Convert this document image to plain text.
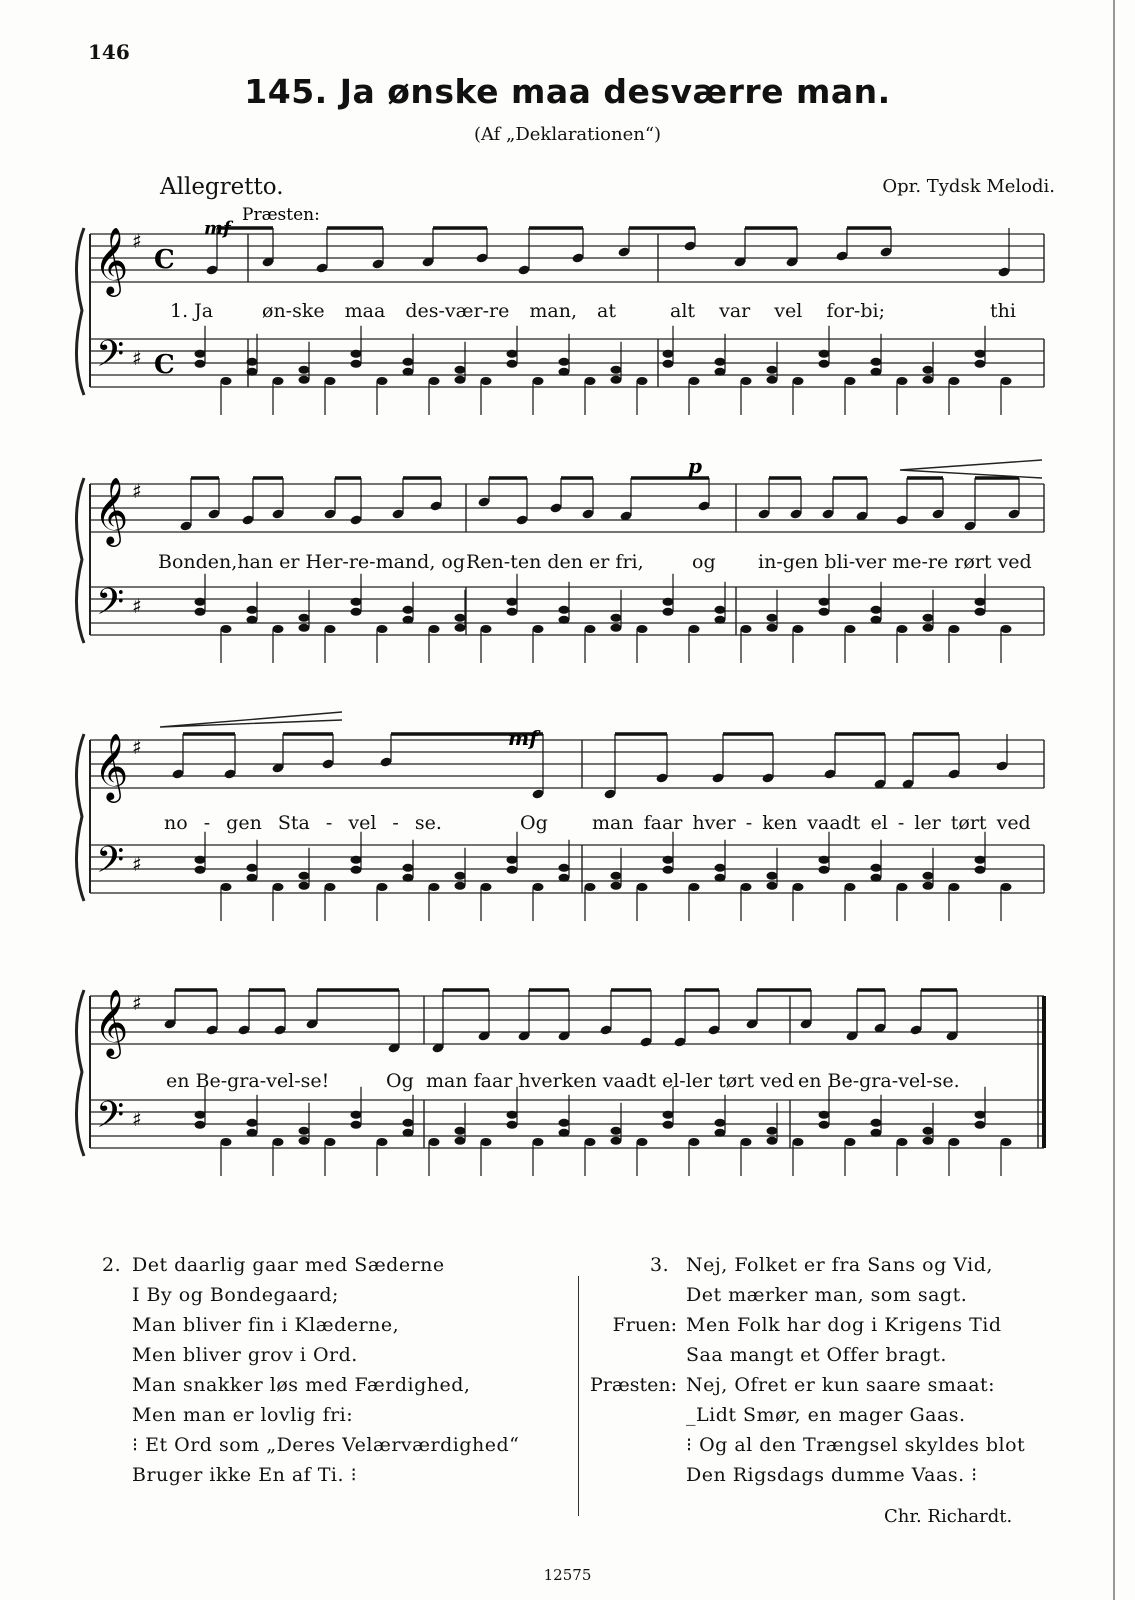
146
145. Ja ønske maa desværre man.
(Af „Deklarationen“)
Allegretto.	Opr. Tydsk Melodi.
𝄞
𝄢
♯
♯
C
C
𝄞
𝄢
♯
♯
𝄞
𝄢
♯
♯
𝄞
𝄢
♯
♯
Præsten:
mf
p
mf
1. Ja	øn-ske maa des-vær-re man, at	alt var vel for-bi;	thi
Bonden,han er Her-re-mand, og Ren-ten den er fri,	og in-gen bli-ver me-re rørt ved
no - gen Sta - vel - se.	Og man faar hver - ken vaadt el - ler tørt ved
en Be-gra-vel-se!	Og man faar hverken vaadt el-ler tørt ved en Be-gra-vel-se.
2. Det daarlig gaar med Sæderne
I By og Bondegaard;
Man bliver fin i Klæderne,
Men bliver grov i Ord.
Man snakker løs med Færdighed,
Men man er lovlig fri:
⁝ Et Ord som „Deres Velærværdighed“
Bruger ikke En af Ti. ⁝
3. Nej, Folket er fra Sans og Vid,
Det mærker man, som sagt.
Fruen: Men Folk har dog i Krigens Tid
Saa mangt et Offer bragt.
Præsten: Nej, Ofret er kun saare smaat:
_Lidt Smør, en mager Gaas.
⁝ Og al den Trængsel skyldes blot
Den Rigsdags dumme Vaas. ⁝
Chr. Richardt.
12575
